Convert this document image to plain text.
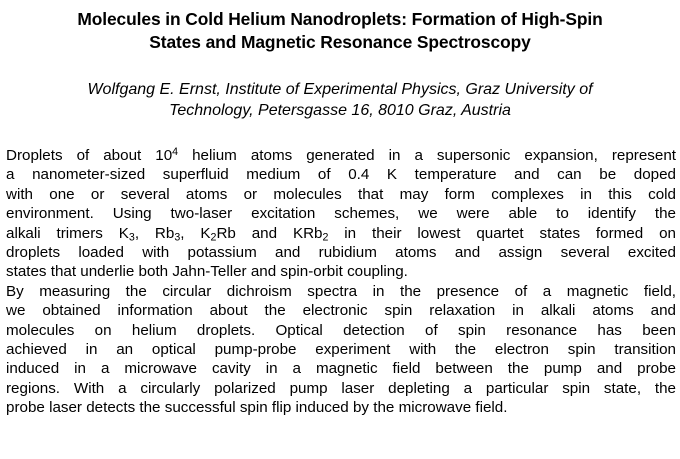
Molecules in Cold Helium Nanodroplets: Formation of High-Spin
States and Magnetic Resonance Spectroscopy
Wolfgang E. Ernst, Institute of Experimental Physics, Graz University of
Technology, Petersgasse 16, 8010 Graz, Austria
Droplets of about $10^4$ helium atoms generated in a supersonic expansion, represent
a nanometer-sized superfluid medium of 0.4 K temperature and can be doped
with one or several atoms or molecules that may form complexes in this cold
environment. Using two-laser excitation schemes, we were able to identify the
alkali trimers $K_3$, $Rb_3$, $K_2Rb$ and KRb$_2$ in their lowest quartet states formed on
droplets loaded with potassium and rubidium atoms and assign several excited
states that underlie both Jahn-Teller and spin-orbit coupling.
By measuring the circular dichroism spectra in the presence of a magnetic field,
we obtained information about the electronic spin relaxation in alkali atoms and
molecules on helium droplets. Optical detection of spin resonance has been
achieved in an optical pump-probe experiment with the electron spin transition
induced in a microwave cavity in a magnetic field between the pump and probe
regions. With a circularly polarized pump laser depleting a particular spin state, the
probe laser detects the successful spin flip induced by the microwave field.
